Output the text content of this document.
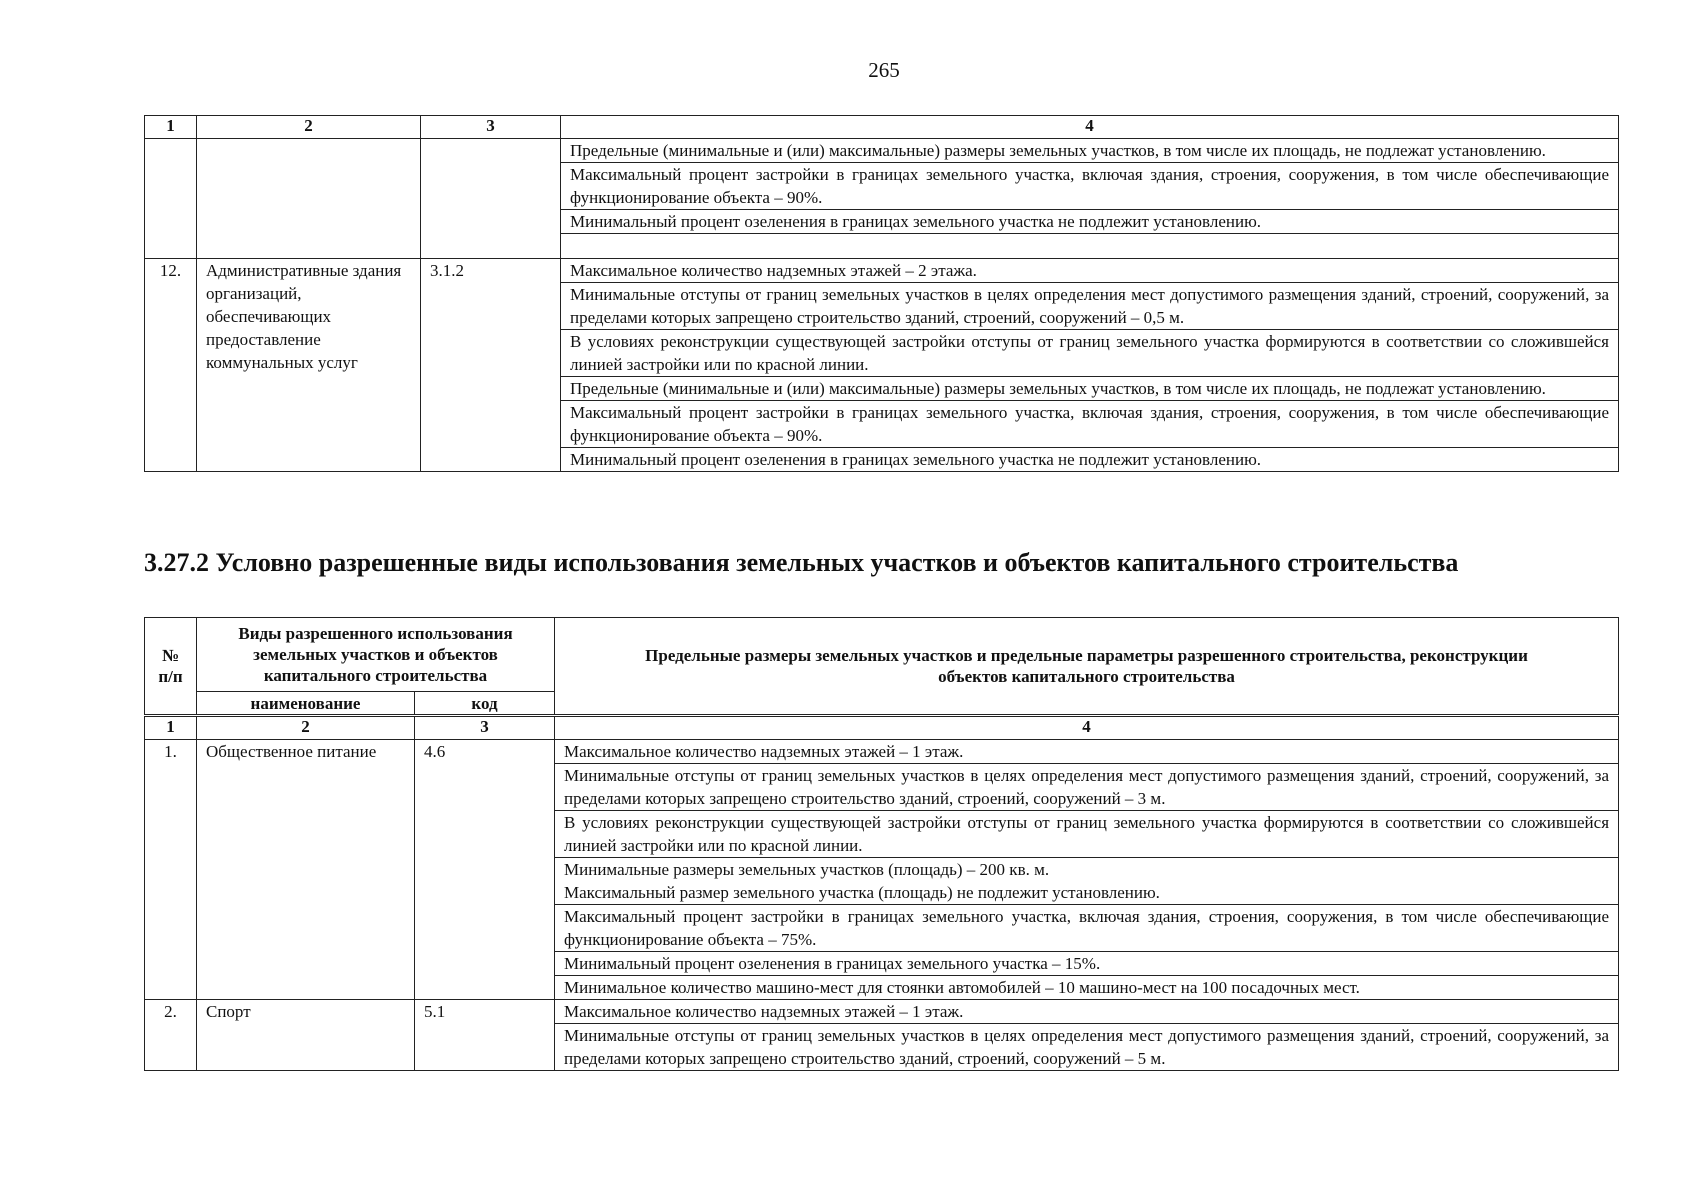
265
1	2	3	4
			Предельные (минимальные и (или) максимальные) размеры земельных участков, в том числе их площадь, не подлежат установлению.
			Максимальный процент застройки в границах земельного участка, включая здания, строения, сооружения, в том числе обеспечивающие функционирование объекта – 90%.
			Минимальный процент озеленения в границах земельного участка не подлежит установлению.

12.	Административные здания организаций, обеспечивающих предоставление коммунальных услуг	3.1.2	Максимальное количество надземных этажей – 2 этажа.
			Минимальные отступы от границ земельных участков в целях определения мест допустимого размещения зданий, строений, сооружений, за пределами которых запрещено строительство зданий, строений, сооружений – 0,5 м.
			В условиях реконструкции существующей застройки отступы от границ земельного участка формируются в соответствии со сложившейся линией застройки или по красной линии.
			Предельные (минимальные и (или) максимальные) размеры земельных участков, в том числе их площадь, не подлежат установлению.
			Максимальный процент застройки в границах земельного участка, включая здания, строения, сооружения, в том числе обеспечивающие функционирование объекта – 90%.
			Минимальный процент озеленения в границах земельного участка не подлежит установлению.
3.27.2 Условно разрешенные виды использования земельных участков и объектов капитального строительства
№ п/п	Виды разрешенного использования земельных участков и объектов капитального строительства		Предельные размеры земельных участков и предельные параметры разрешенного строительства, реконструкции объектов капитального строительства
	наименование	код	
1	2	3	4
1.	Общественное питание	4.6	Максимальное количество надземных этажей – 1 этаж.
			Минимальные отступы от границ земельных участков в целях определения мест допустимого размещения зданий, строений, сооружений, за пределами которых запрещено строительство зданий, строений, сооружений – 3 м.
			В условиях реконструкции существующей застройки отступы от границ земельного участка формируются в соответствии со сложившейся линией застройки или по красной линии.

			Минимальные размеры земельных участков (площадь) – 200 кв. м.
Максимальный размер земельного участка (площадь) не подлежит установлению.

			Максимальный процент застройки в границах земельного участка, включая здания, строения, сооружения, в том числе обеспечивающие функционирование объекта – 75%.
			Минимальный процент озеленения в границах земельного участка – 15%.
			Минимальное количество машино-мест для стоянки автомобилей – 10 машино-мест на 100 посадочных мест.
2.	Спорт	5.1	Максимальное количество надземных этажей – 1 этаж.
			Минимальные отступы от границ земельных участков в целях определения мест допустимого размещения зданий, строений, сооружений, за пределами которых запрещено строительство зданий, строений, сооружений – 5 м.
